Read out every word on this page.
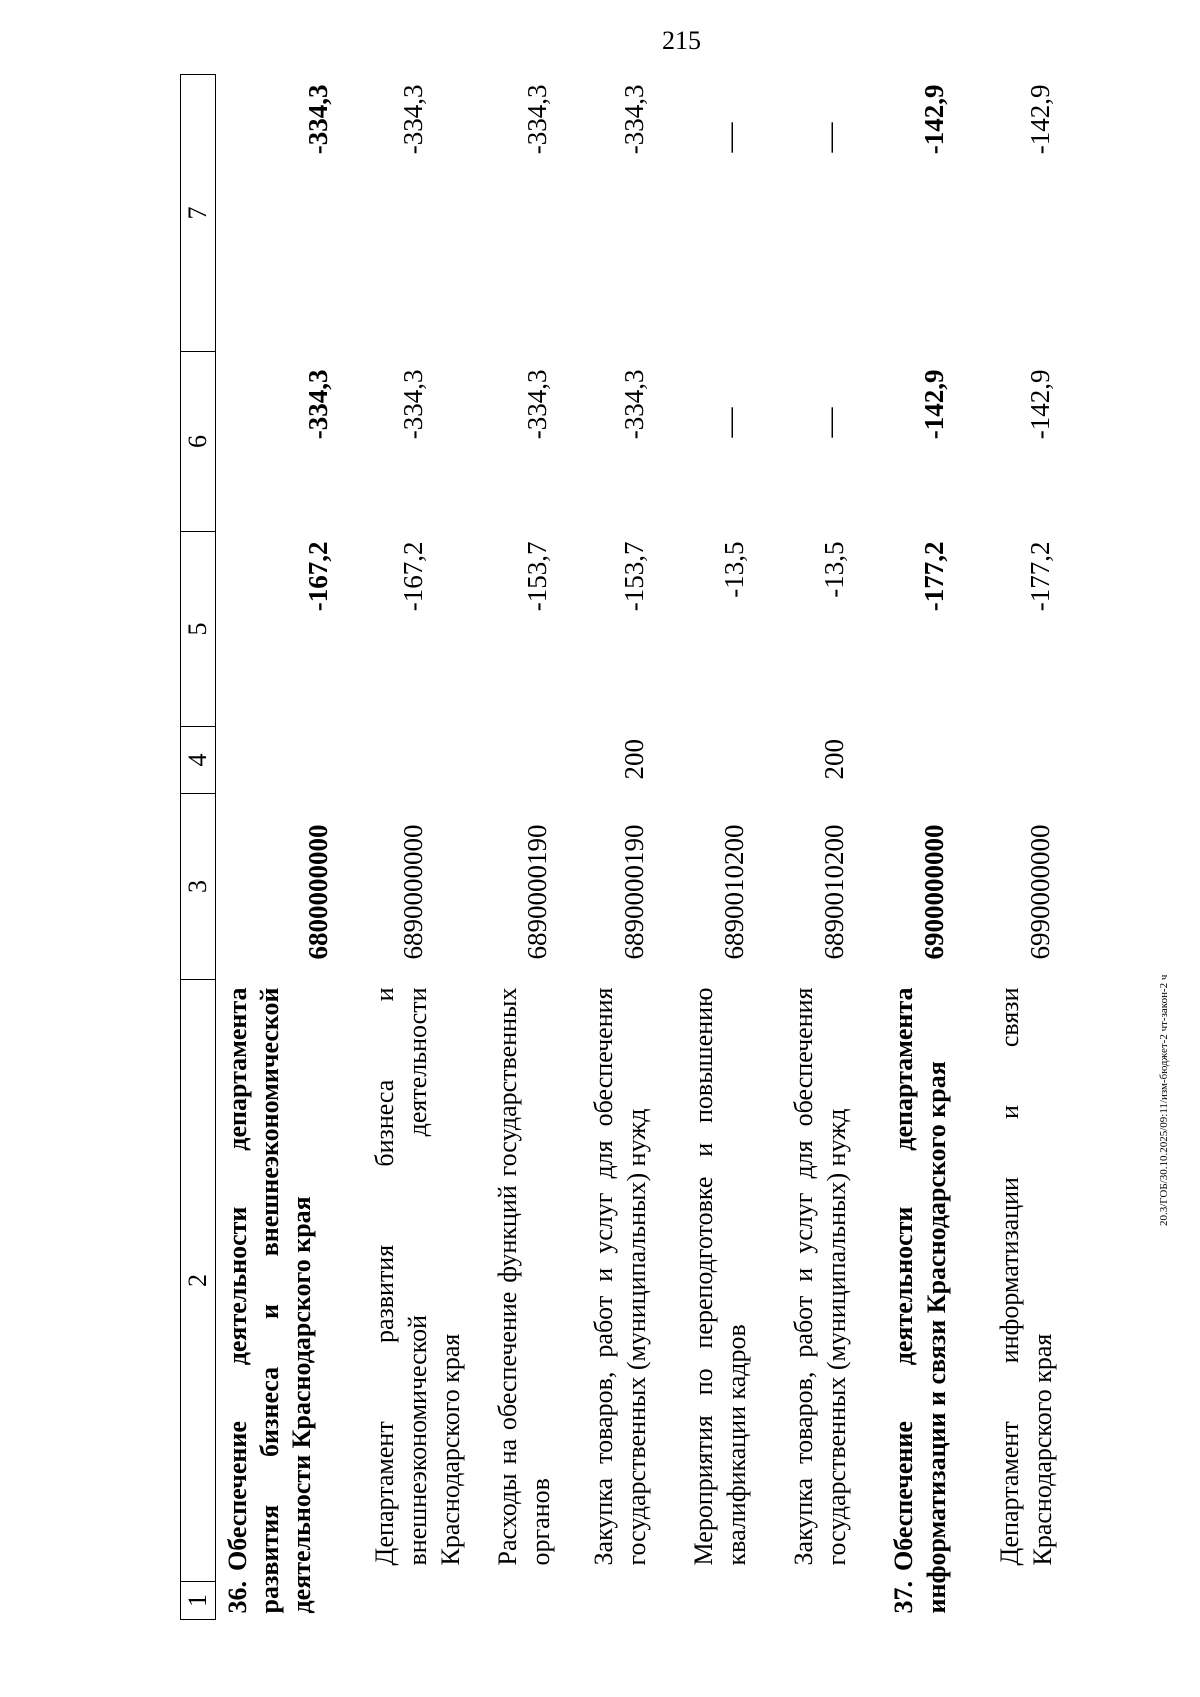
215
1	2	3	4	5	6	7

36.Обеспечение деятельности департамента развития бизнеса и внешнеэкономической деятельности Краснодарского края		6800000000		-167,2	-334,3	-334,3

Департамент развития бизнеса и внешнеэкономической деятельности Краснодарского края		6890000000		-167,2	-334,3	-334,3

Расходы на обеспечение функций государственных органов		6890000190		-153,7	-334,3	-334,3

Закупка товаров, работ и услуг для обеспечения государственных (муниципальных) нужд		6890000190	200	-153,7	-334,3	-334,3

Мероприятия по переподготовке и повышению квалификации кадров		6890010200		-13,5	—	—

Закупка товаров, работ и услуг для обеспечения государственных (муниципальных) нужд		6890010200	200	-13,5	—	—

37.Обеспечение деятельности департамента информатизации и связи Краснодарского края		6900000000		-177,2	-142,9	-142,9

Департамент информатизации и связи Краснодарского края		6990000000		-177,2	-142,9	-142,9
20.3/ГОБ/30.10.2025/09:11/изм-бюджет-2 чт-закон-2 ч
